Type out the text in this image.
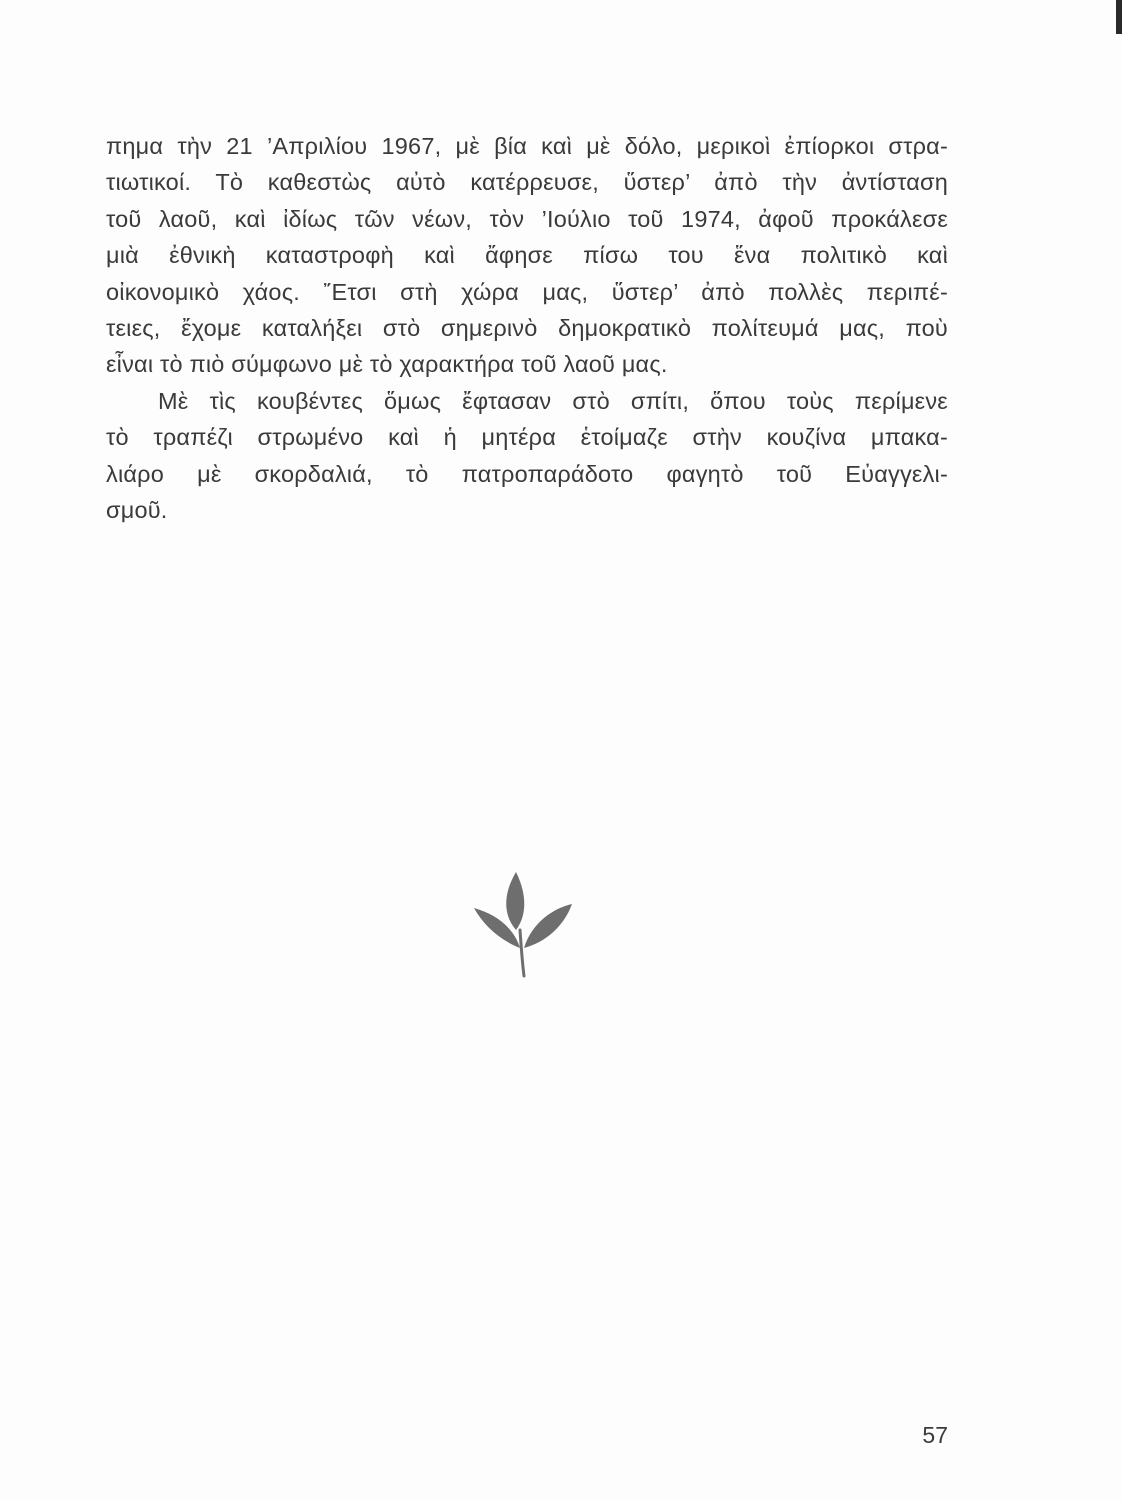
πημα τὴν 21 ’Απριλίου 1967, μὲ βία καὶ μὲ δόλο, μερικοὶ ἐπίορκοι στρα-
τιωτικοί. Τὸ καθεστὼς αὐτὸ κατέρρευσε, ὕστερ’ ἀπὸ τὴν ἀντίσταση
τοῦ λαοῦ, καὶ ἰδίως τῶν νέων, τὸν ’Ιούλιο τοῦ 1974, ἀφοῦ προκάλεσε
μιὰ ἐθνικὴ καταστροφὴ καὶ ἄφησε πίσω του ἕνα πολιτικὸ καὶ
οἰκονομικὸ χάος. ῎Ετσι στὴ χώρα μας, ὕστερ’ ἀπὸ πολλὲς περιπέ-
τειες, ἔχομε καταλήξει στὸ σημερινὸ δημοκρατικὸ πολίτευμά μας, ποὺ
εἶναι τὸ πιὸ σύμφωνο μὲ τὸ χαρακτήρα τοῦ λαοῦ μας.
Μὲ τὶς κουβέντες ὅμως ἔφτασαν στὸ σπίτι, ὅπου τοὺς περίμενε
τὸ τραπέζι στρωμένο καὶ ἡ μητέρα ἑτοίμαζε στὴν κουζίνα μπακα-
λιάρο μὲ σκορδαλιά, τὸ πατροπαράδοτο φαγητὸ τοῦ Εὐαγγελι-
σμοῦ.
57
